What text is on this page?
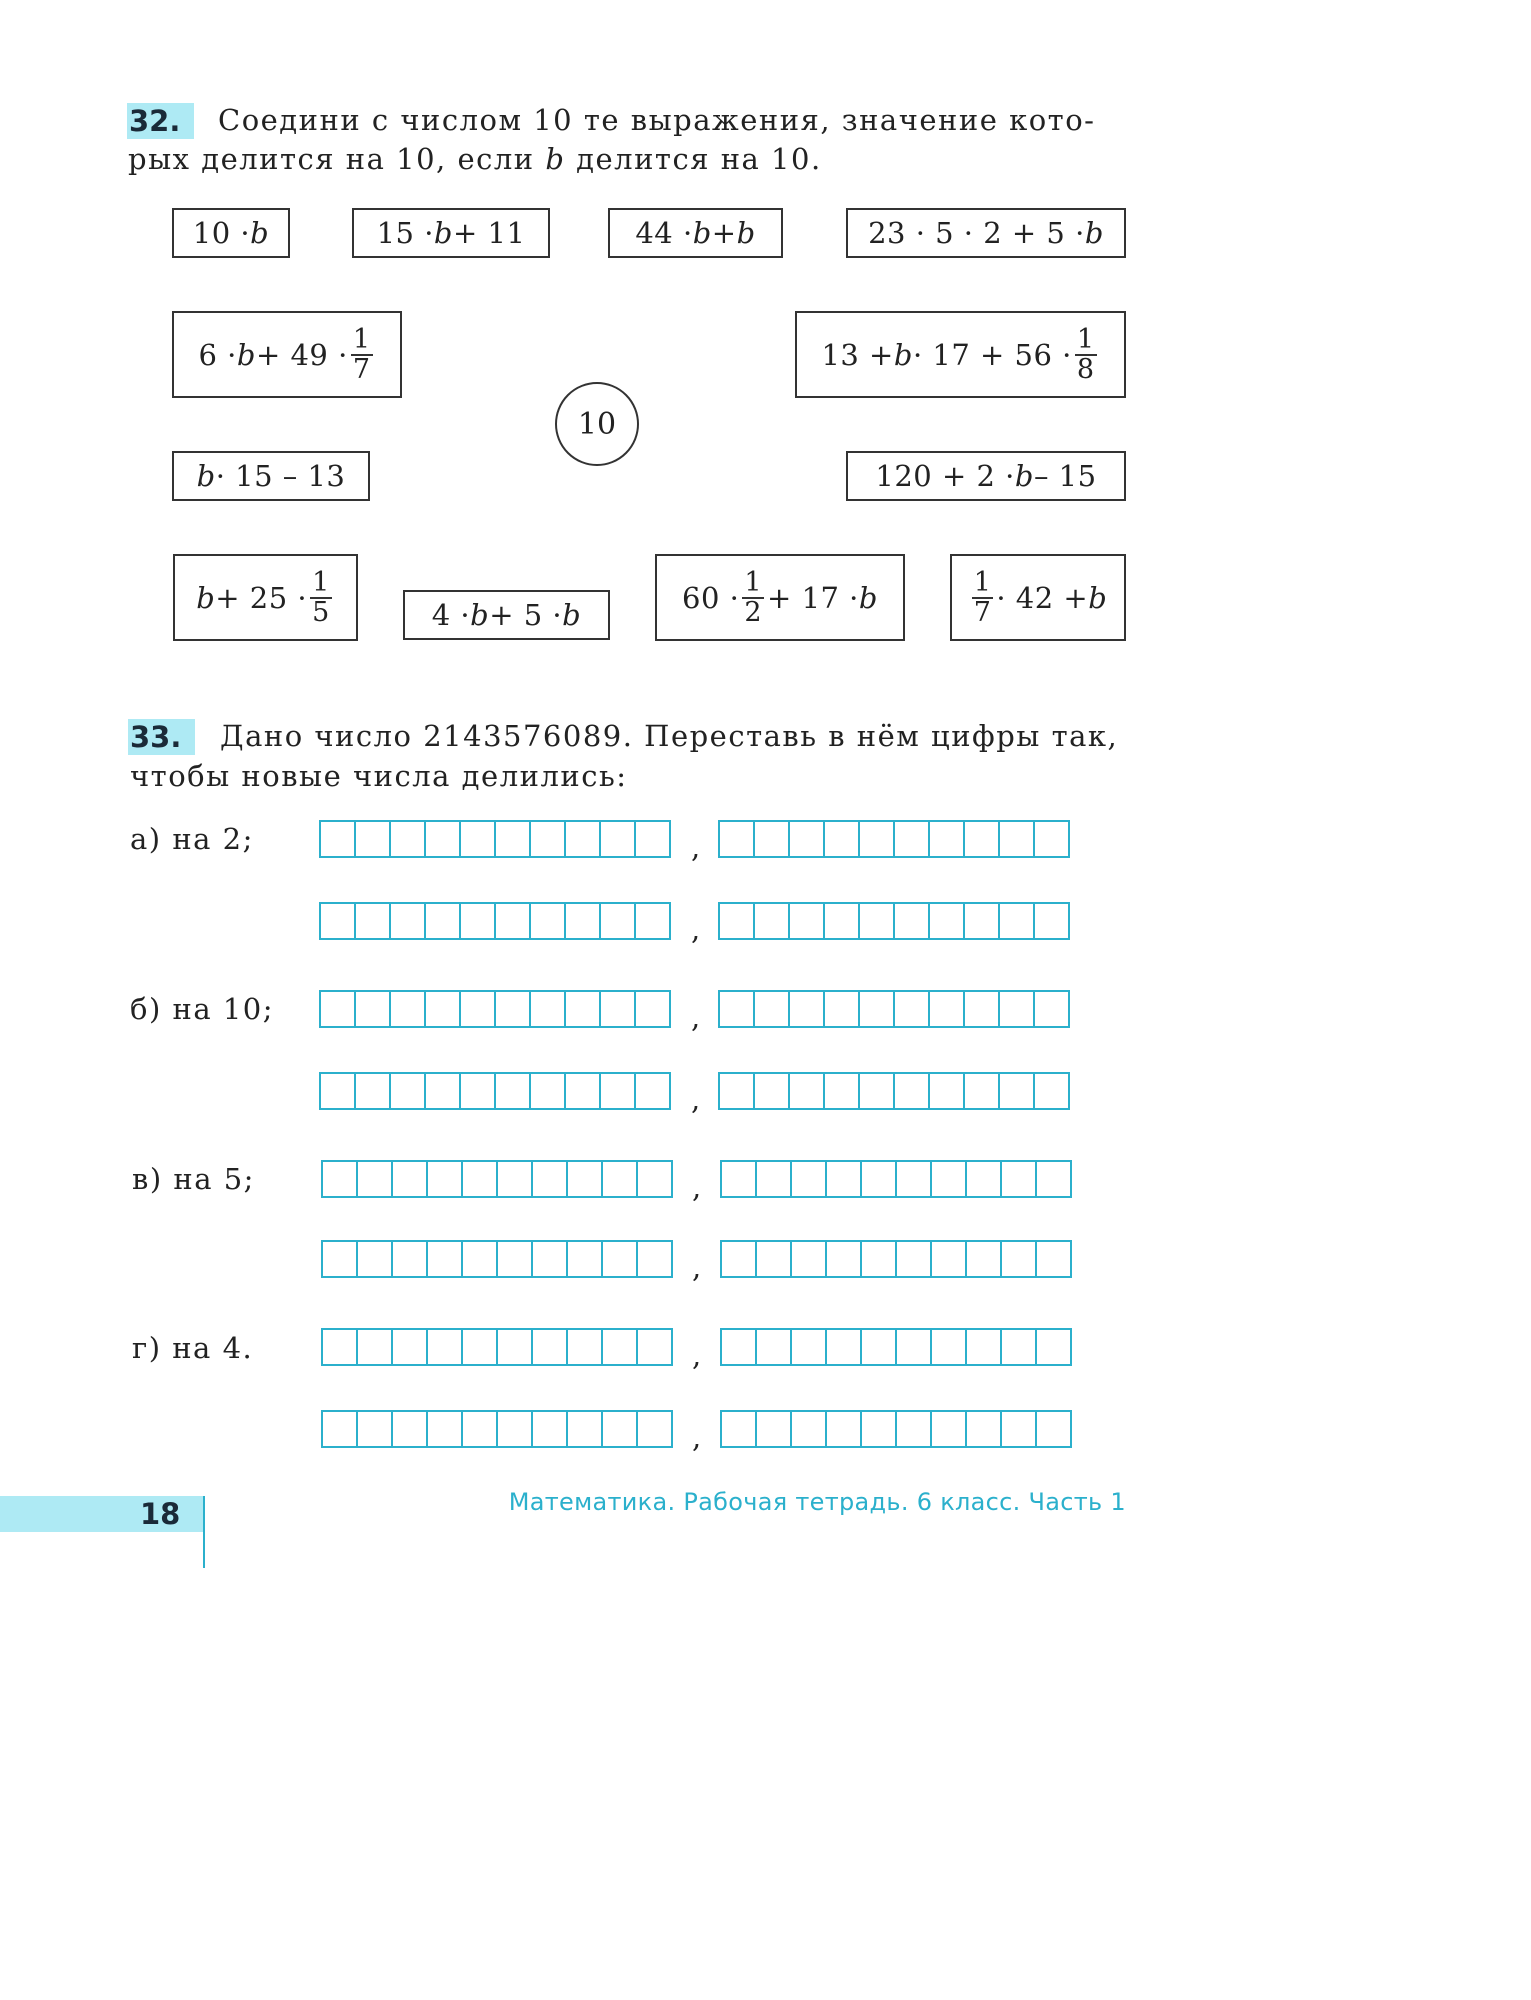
32.	Соедини с числом 10 те выражения, значение кото-
рых делится на 10, если b делится на 10.
10 · b	15 · b + 11	44 · b + b	23 · 5 · 2 + 5 · b
$6 \cdot b + 49 \cdot \frac{1}{7}$	$13 + b \cdot 17 + 56 \cdot \frac{1}{8}$
10
b · 15 – 13	120 + 2 · b – 15
$b + 25 \cdot \frac{1}{5}$	4 · b + 5 · b
$60 \cdot \frac{1}{2} + 17 \cdot b$	$\frac{1}{7} \cdot 42 + b$
33.	Дано число 2143576089. Переставь в нём цифры так,
чтобы новые числа делились:
а) на 2;
б) на 10;
в) на 5;
г) на 4.
,
,
,
,
,
,
,
,
18	Математика. Рабочая тетрадь. 6 класс. Часть 1
